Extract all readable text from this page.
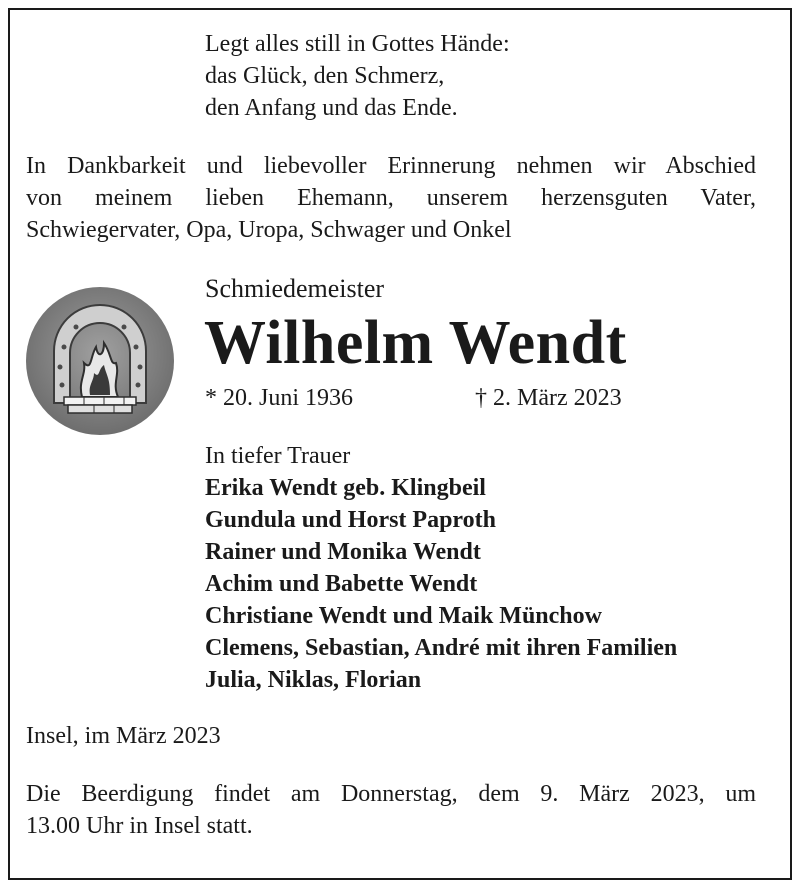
Legt alles still in Gottes Hände:
das Glück, den Schmerz,
den Anfang und das Ende.
In Dankbarkeit und liebevoller Erinnerung nehmen wir Abschied
von meinem lieben Ehemann, unserem herzensguten Vater,
Schwiegervater, Opa, Uropa, Schwager und Onkel
Schmiedemeister
Wilhelm Wendt
* 20. Juni 1936	† 2. März 2023
In tiefer Trauer
Erika Wendt geb. Klingbeil
Gundula und Horst Paproth
Rainer und Monika Wendt
Achim und Babette Wendt
Christiane Wendt und Maik Münchow
Clemens, Sebastian, André mit ihren Familien
Julia, Niklas, Florian
Insel, im März 2023
Die Beerdigung findet am Donnerstag, dem 9. März 2023, um
13.00 Uhr in Insel statt.
